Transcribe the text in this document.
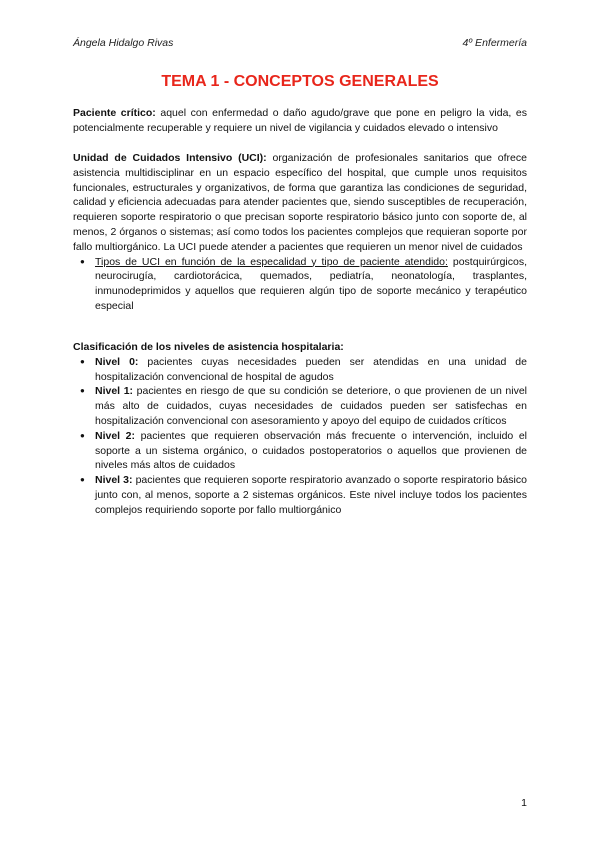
Ángela Hidalgo Rivas	4º Enfermería
TEMA 1 - CONCEPTOS GENERALES

Paciente crítico: aquel con enfermedad o daño agudo/grave que pone en peligro la vida, es potencialmente recuperable y requiere un nivel de vigilancia y cuidados elevado o intensivo

Unidad de Cuidados Intensivo (UCI): organización de profesionales sanitarios que ofrece asistencia multidisciplinar en un espacio específico del hospital, que cumple unos requisitos funcionales, estructurales y organizativos, de forma que garantiza las condiciones de seguridad, calidad y eficiencia adecuadas para atender pacientes que, siendo susceptibles de recuperación, requieren soporte respiratorio o que precisan soporte respiratorio básico junto con soporte de, al menos, 2 órganos o sistemas; así como todos los pacientes complejos que requieran soporte por fallo multiorgánico. La UCI puede atender a pacientes que requieren un menor nivel de cuidados

● Tipos de UCI en función de la especalidad y tipo de paciente atendido: postquirúrgicos, neurocirugía, cardiotorácica, quemados, pediatría, neonatología, trasplantes, inmunodeprimidos y aquellos que requieren algún tipo de soporte mecánico y terapéutico especial

Clasificación de los niveles de asistencia hospitalaria:

● Nivel 0: pacientes cuyas necesidades pueden ser atendidas en una unidad de hospitalización convencional de hospital de agudos
● Nivel 1: pacientes en riesgo de que su condición se deteriore, o que provienen de un nivel más alto de cuidados, cuyas necesidades de cuidados pueden ser satisfechas en hospitalización convencional con asesoramiento y apoyo del equipo de cuidados críticos
● Nivel 2: pacientes que requieren observación más frecuente o intervención, incluido el soporte a un sistema orgánico, o cuidados postoperatorios o aquellos que provienen de niveles más altos de cuidados
● Nivel 3: pacientes que requieren soporte respiratorio avanzado o soporte respiratorio básico junto con, al menos, soporte a 2 sistemas orgánicos. Este nivel incluye todos los pacientes complejos requiriendo soporte por fallo multiorgánico
1
